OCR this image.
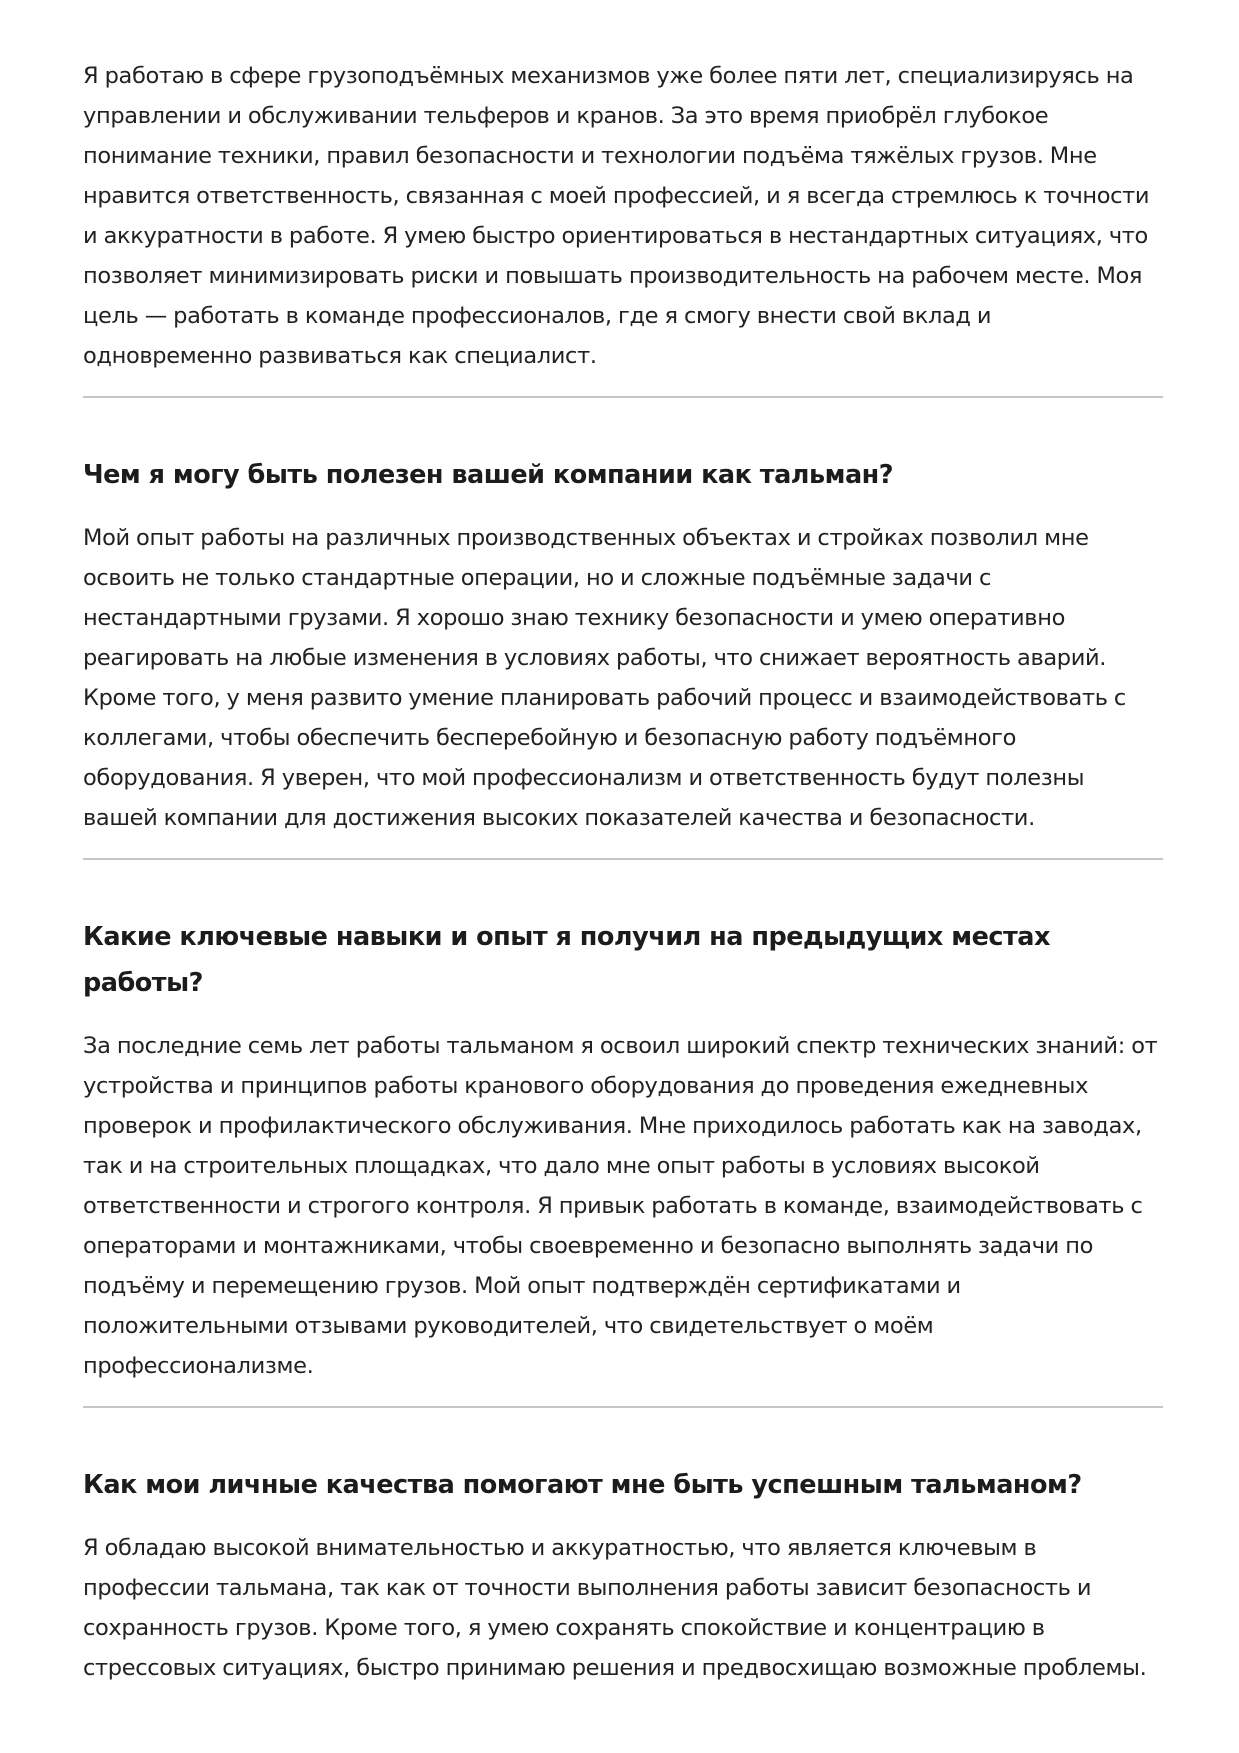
Я работаю в сфере грузоподъёмных механизмов уже более пяти лет, специализируясь на управлении и обслуживании тельферов и кранов. За это время приобрёл глубокое понимание техники, правил безопасности и технологии подъёма тяжёлых грузов. Мне нравится ответственность, связанная с моей профессией, и я всегда стремлюсь к точности и аккуратности в работе. Я умею быстро ориентироваться в нестандартных ситуациях, что позволяет минимизировать риски и повышать производительность на рабочем месте. Моя цель — работать в команде профессионалов, где я смогу внести свой вклад и одновременно развиваться как специалист.

Чем я могу быть полезен вашей компании как тальман?

Мой опыт работы на различных производственных объектах и стройках позволил мне освоить не только стандартные операции, но и сложные подъёмные задачи с нестандартными грузами. Я хорошо знаю технику безопасности и умею оперативно реагировать на любые изменения в условиях работы, что снижает вероятность аварий. Кроме того, у меня развито умение планировать рабочий процесс и взаимодействовать с коллегами, чтобы обеспечить бесперебойную и безопасную работу подъёмного оборудования. Я уверен, что мой профессионализм и ответственность будут полезны вашей компании для достижения высоких показателей качества и безопасности.

Какие ключевые навыки и опыт я получил на предыдущих местах работы?

За последние семь лет работы тальманом я освоил широкий спектр технических знаний: от устройства и принципов работы кранового оборудования до проведения ежедневных проверок и профилактического обслуживания. Мне приходилось работать как на заводах, так и на строительных площадках, что дало мне опыт работы в условиях высокой ответственности и строгого контроля. Я привык работать в команде, взаимодействовать с операторами и монтажниками, чтобы своевременно и безопасно выполнять задачи по подъёму и перемещению грузов. Мой опыт подтверждён сертификатами и положительными отзывами руководителей, что свидетельствует о моём профессионализме.

Как мои личные качества помогают мне быть успешным тальманом?

Я обладаю высокой внимательностью и аккуратностью, что является ключевым в профессии тальмана, так как от точности выполнения работы зависит безопасность и сохранность грузов. Кроме того, я умею сохранять спокойствие и концентрацию в стрессовых ситуациях, быстро принимаю решения и предвосхищаю возможные проблемы.
